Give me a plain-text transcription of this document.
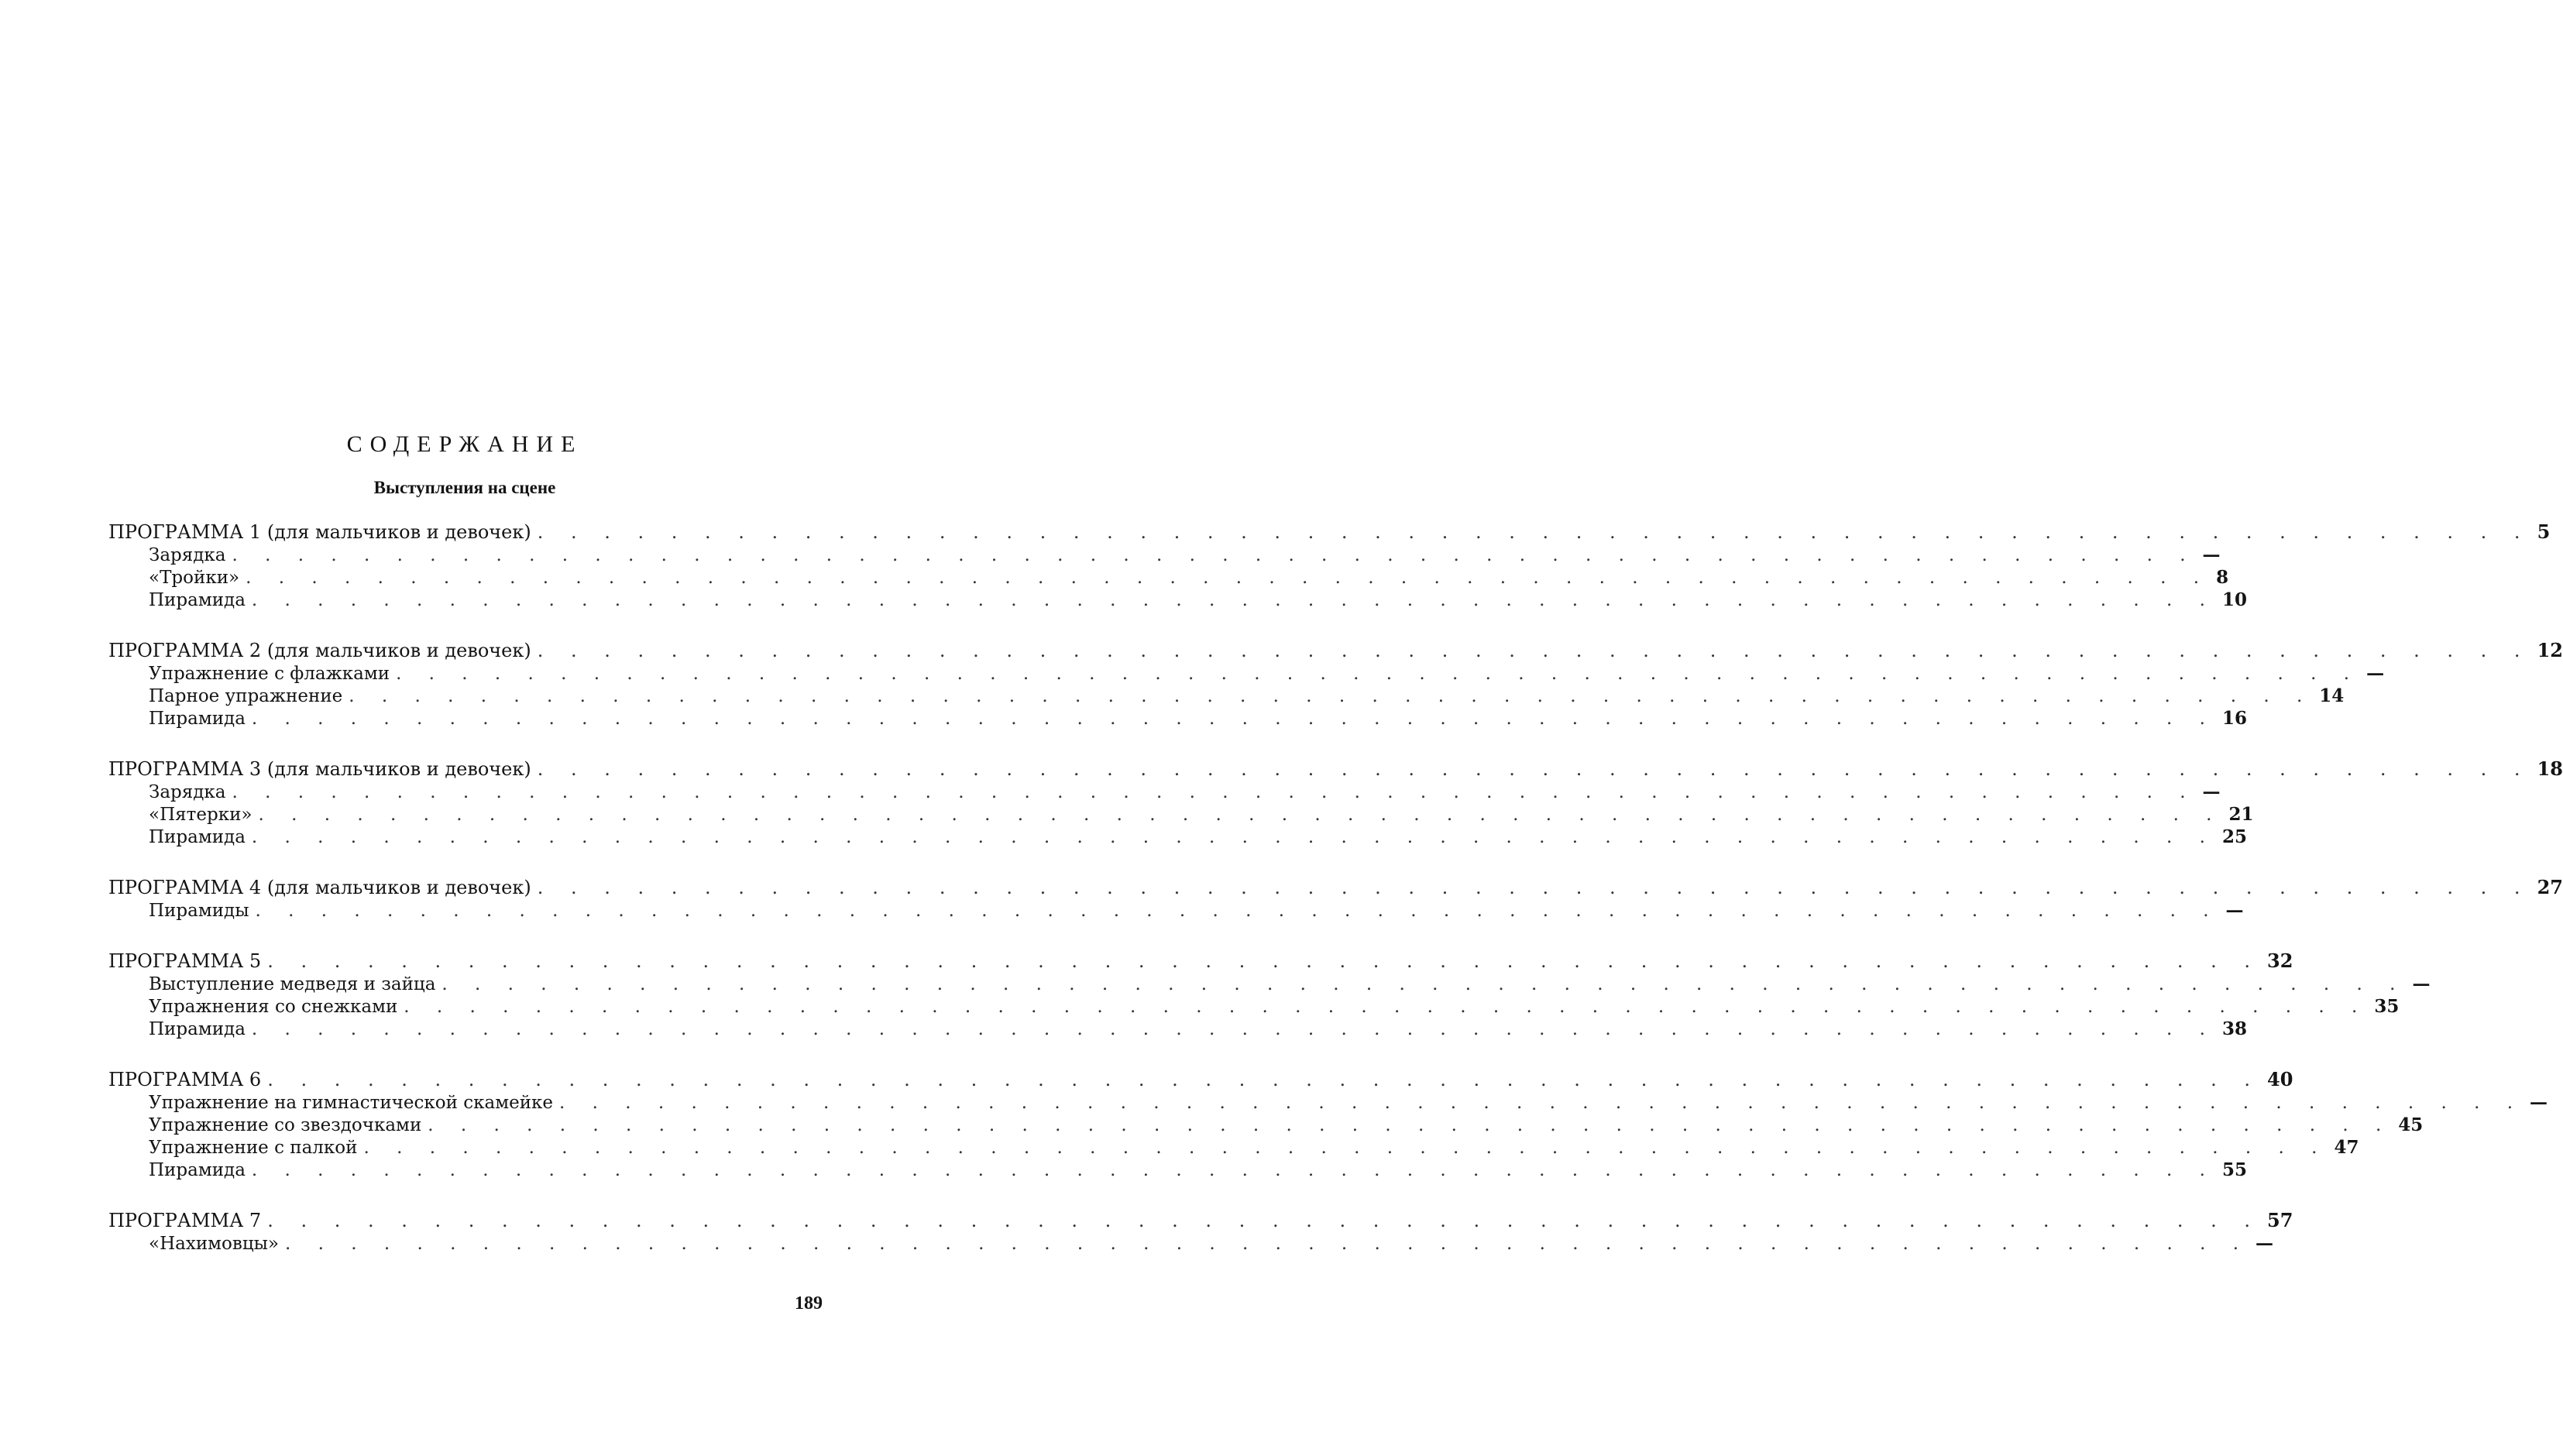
СОДЕРЖАНИЕ
Выступления на сцене
ПРОГРАММА 1 (для мальчиков и девочек) . . . . . . . . . . . . . . . . . . . . . . . . . . . . . . . . . . . . . . . . . . . . . . . . . . . . . . . . . . . . 5
Зарядка . . . . . . . . . . . . . . . . . . . . . . . . . . . . . . . . . . . . . . . . . . . . . . . . . . . . . . . . . . . . —
«Тройки» . . . . . . . . . . . . . . . . . . . . . . . . . . . . . . . . . . . . . . . . . . . . . . . . . . . . . . . . . . . . 8
Пирамида . . . . . . . . . . . . . . . . . . . . . . . . . . . . . . . . . . . . . . . . . . . . . . . . . . . . . . . . . . . . 10
ПРОГРАММА 2 (для мальчиков и девочек) . . . . . . . . . . . . . . . . . . . . . . . . . . . . . . . . . . . . . . . . . . . . . . . . . . . . . . . . . . . . 12
Упражнение с флажками . . . . . . . . . . . . . . . . . . . . . . . . . . . . . . . . . . . . . . . . . . . . . . . . . . . . . . . . . . . . —
Парное упражнение . . . . . . . . . . . . . . . . . . . . . . . . . . . . . . . . . . . . . . . . . . . . . . . . . . . . . . . . . . . . 14
Пирамида . . . . . . . . . . . . . . . . . . . . . . . . . . . . . . . . . . . . . . . . . . . . . . . . . . . . . . . . . . . . 16
ПРОГРАММА 3 (для мальчиков и девочек) . . . . . . . . . . . . . . . . . . . . . . . . . . . . . . . . . . . . . . . . . . . . . . . . . . . . . . . . . . . . 18
Зарядка . . . . . . . . . . . . . . . . . . . . . . . . . . . . . . . . . . . . . . . . . . . . . . . . . . . . . . . . . . . . —
«Пятерки» . . . . . . . . . . . . . . . . . . . . . . . . . . . . . . . . . . . . . . . . . . . . . . . . . . . . . . . . . . . . 21
Пирамида . . . . . . . . . . . . . . . . . . . . . . . . . . . . . . . . . . . . . . . . . . . . . . . . . . . . . . . . . . . . 25
ПРОГРАММА 4 (для мальчиков и девочек) . . . . . . . . . . . . . . . . . . . . . . . . . . . . . . . . . . . . . . . . . . . . . . . . . . . . . . . . . . . . 27
Пирамиды . . . . . . . . . . . . . . . . . . . . . . . . . . . . . . . . . . . . . . . . . . . . . . . . . . . . . . . . . . . . —
ПРОГРАММА 5 . . . . . . . . . . . . . . . . . . . . . . . . . . . . . . . . . . . . . . . . . . . . . . . . . . . . . . . . . . . . 32
Выступление медведя и зайца . . . . . . . . . . . . . . . . . . . . . . . . . . . . . . . . . . . . . . . . . . . . . . . . . . . . . . . . . . . . —
Упражнения со снежками . . . . . . . . . . . . . . . . . . . . . . . . . . . . . . . . . . . . . . . . . . . . . . . . . . . . . . . . . . . . 35
Пирамида . . . . . . . . . . . . . . . . . . . . . . . . . . . . . . . . . . . . . . . . . . . . . . . . . . . . . . . . . . . . 38
ПРОГРАММА 6 . . . . . . . . . . . . . . . . . . . . . . . . . . . . . . . . . . . . . . . . . . . . . . . . . . . . . . . . . . . . 40
Упражнение на гимнастической скамейке . . . . . . . . . . . . . . . . . . . . . . . . . . . . . . . . . . . . . . . . . . . . . . . . . . . . . . . . . . . . —
Упражнение со звездочками . . . . . . . . . . . . . . . . . . . . . . . . . . . . . . . . . . . . . . . . . . . . . . . . . . . . . . . . . . . . 45
Упражнение с палкой . . . . . . . . . . . . . . . . . . . . . . . . . . . . . . . . . . . . . . . . . . . . . . . . . . . . . . . . . . . . 47
Пирамида . . . . . . . . . . . . . . . . . . . . . . . . . . . . . . . . . . . . . . . . . . . . . . . . . . . . . . . . . . . . 55
ПРОГРАММА 7 . . . . . . . . . . . . . . . . . . . . . . . . . . . . . . . . . . . . . . . . . . . . . . . . . . . . . . . . . . . . 57
«Нахимовцы» . . . . . . . . . . . . . . . . . . . . . . . . . . . . . . . . . . . . . . . . . . . . . . . . . . . . . . . . . . . . —
189
